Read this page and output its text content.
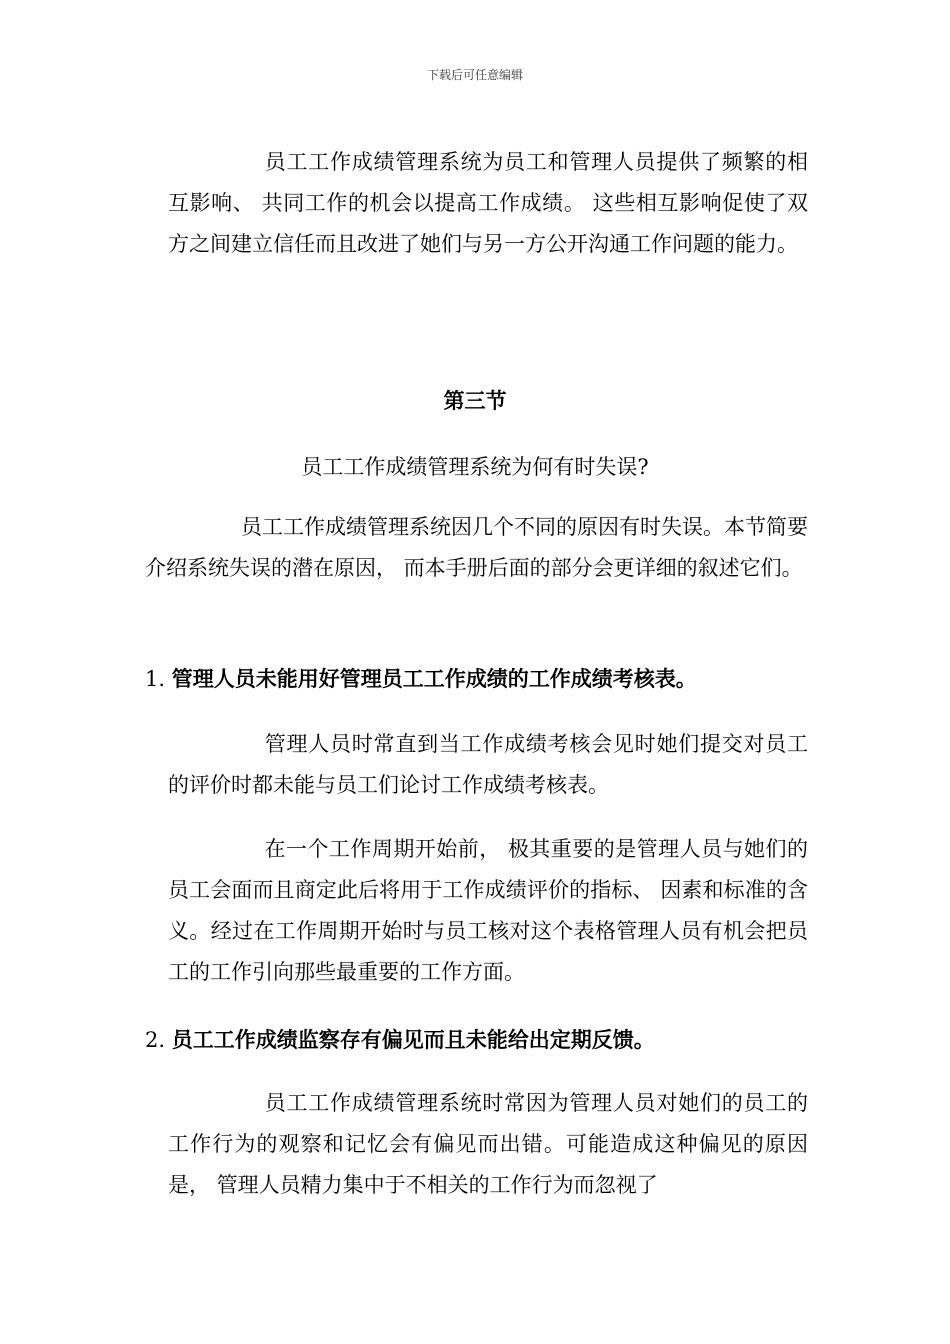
下载后可任意编辑

员工工作成绩管理系统为员工和管理人员提供了频繁的相互影响、 共同工作的机会以提高工作成绩。 这些相互影响促使了双方之间建立信任而且改进了她们与另一方公开沟通工作问题的能力。

第三节
员工工作成绩管理系统为何有时失误?

员工工作成绩管理系统因几个不同的原因有时失误。本节简要介绍系统失误的潜在原因， 而本手册后面的部分会更详细的叙述它们。

1. 管理人员未能用好管理员工工作成绩的工作成绩考核表。

管理人员时常直到当工作成绩考核会见时她们提交对员工的评价时都未能与员工们论讨工作成绩考核表。

在一个工作周期开始前， 极其重要的是管理人员与她们的员工会面而且商定此后将用于工作成绩评价的指标、 因素和标准的含义。经过在工作周期开始时与员工核对这个表格管理人员有机会把员工的工作引向那些最重要的工作方面。

2. 员工工作成绩监察存有偏见而且未能给出定期反馈。

员工工作成绩管理系统时常因为管理人员对她们的员工的工作行为的观察和记忆会有偏见而出错。可能造成这种偏见的原因是， 管理人员精力集中于不相关的工作行为而忽视了
